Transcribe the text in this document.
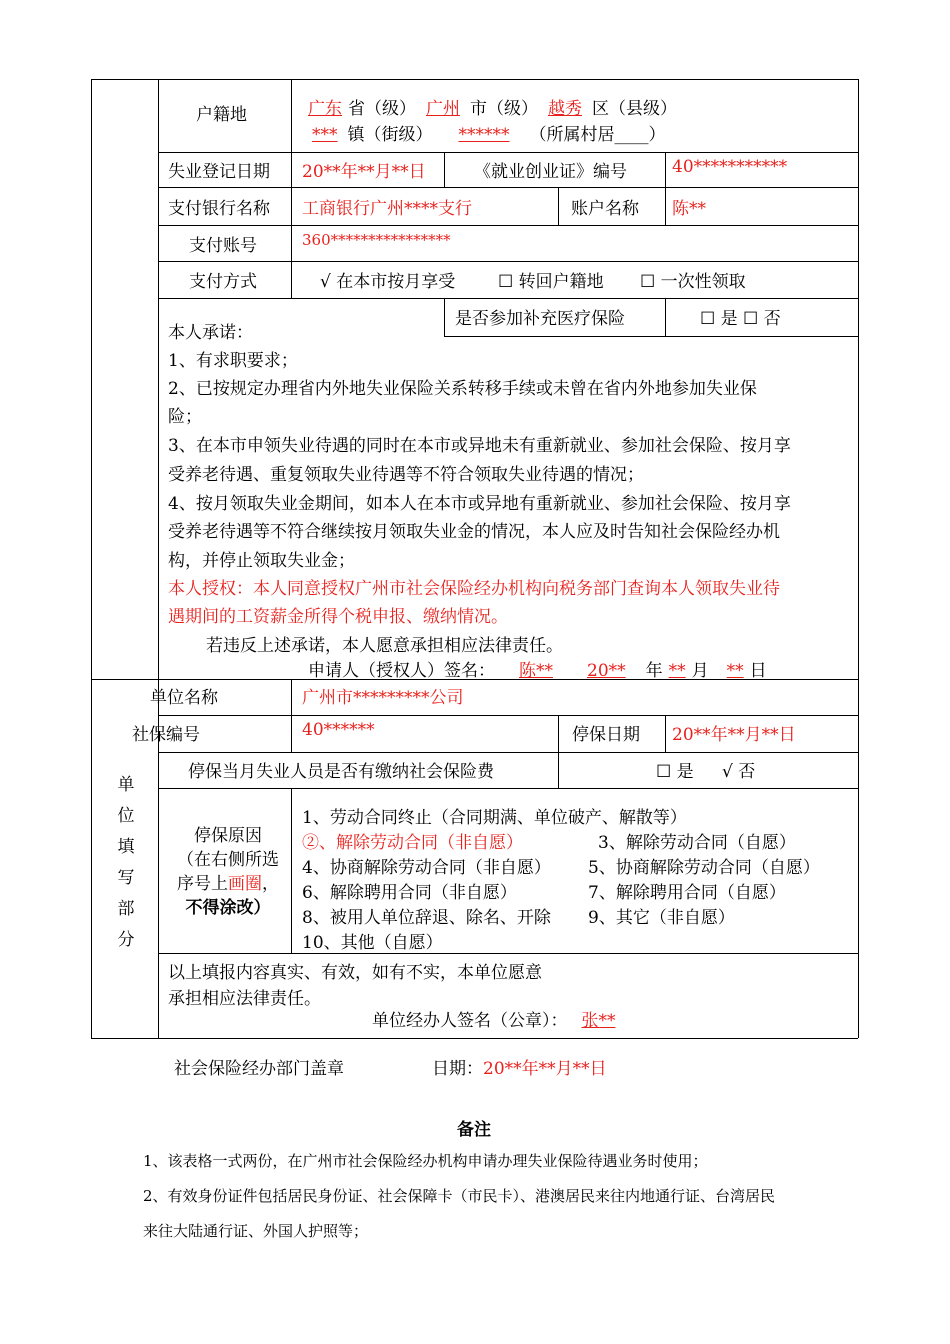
户籍地	广东 省（级） 广州 市（级） 越秀 区（县级）
*** 镇（街级） ****** （所属村居____）
失业登记日期 20**年**月**日	《就业创业证》编号	40***********
支付银行名称 工商银行广州****支行	账户名称 陈**
支付账号	360****************
支付方式	√ 在本市按月享受	☐ 转回户籍地 ☐ 一次性领取
是否参加补充医疗保险	☐ 是 ☐ 否
本人承诺：
1、有求职要求；
2、已按规定办理省内外地失业保险关系转移手续或未曾在省内外地参加失业保
险；
3、在本市申领失业待遇的同时在本市或异地未有重新就业、参加社会保险、按月享
受养老待遇、重复领取失业待遇等不符合领取失业待遇的情况；
4、按月领取失业金期间，如本人在本市或异地有重新就业、参加社会保险、按月享
受养老待遇等不符合继续按月领取失业金的情况，本人应及时告知社会保险经办机
构，并停止领取失业金；
本人授权：本人同意授权广州市社会保险经办机构向税务部门查询本人领取失业待
遇期间的工资薪金所得个税申报、缴纳情况。
若违反上述承诺，本人愿意承担相应法律责任。
申请人（授权人）签名： 陈** 20** 年 ** 月 ** 日
单
位
填
写
部
分
单位名称	广州市*********公司
社保编号	40******	停保日期 20**年**月**日
停保当月失业人员是否有缴纳社会保险费	☐ 是 √ 否
停保原因
（在右侧所选
序号上画圈，
不得涂改）
1、劳动合同终止（合同期满、单位破产、解散等）
②、解除劳动合同（非自愿）	3、解除劳动合同（自愿）
4、协商解除劳动合同（非自愿） 5、协商解除劳动合同（自愿）
6、解除聘用合同（非自愿）	7、解除聘用合同（自愿）
8、被用人单位辞退、除名、开除 9、其它（非自愿）
10、其他（自愿）
以上填报内容真实、有效，如有不实，本单位愿意
承担相应法律责任。
单位经办人签名（公章）： 张**
社会保险经办部门盖章	日期：20**年**月**日
备注
1、该表格一式两份，在广州市社会保险经办机构申请办理失业保险待遇业务时使用；
2、有效身份证件包括居民身份证、社会保障卡（市民卡）、港澳居民来往内地通行证、台湾居民
来往大陆通行证、外国人护照等；
